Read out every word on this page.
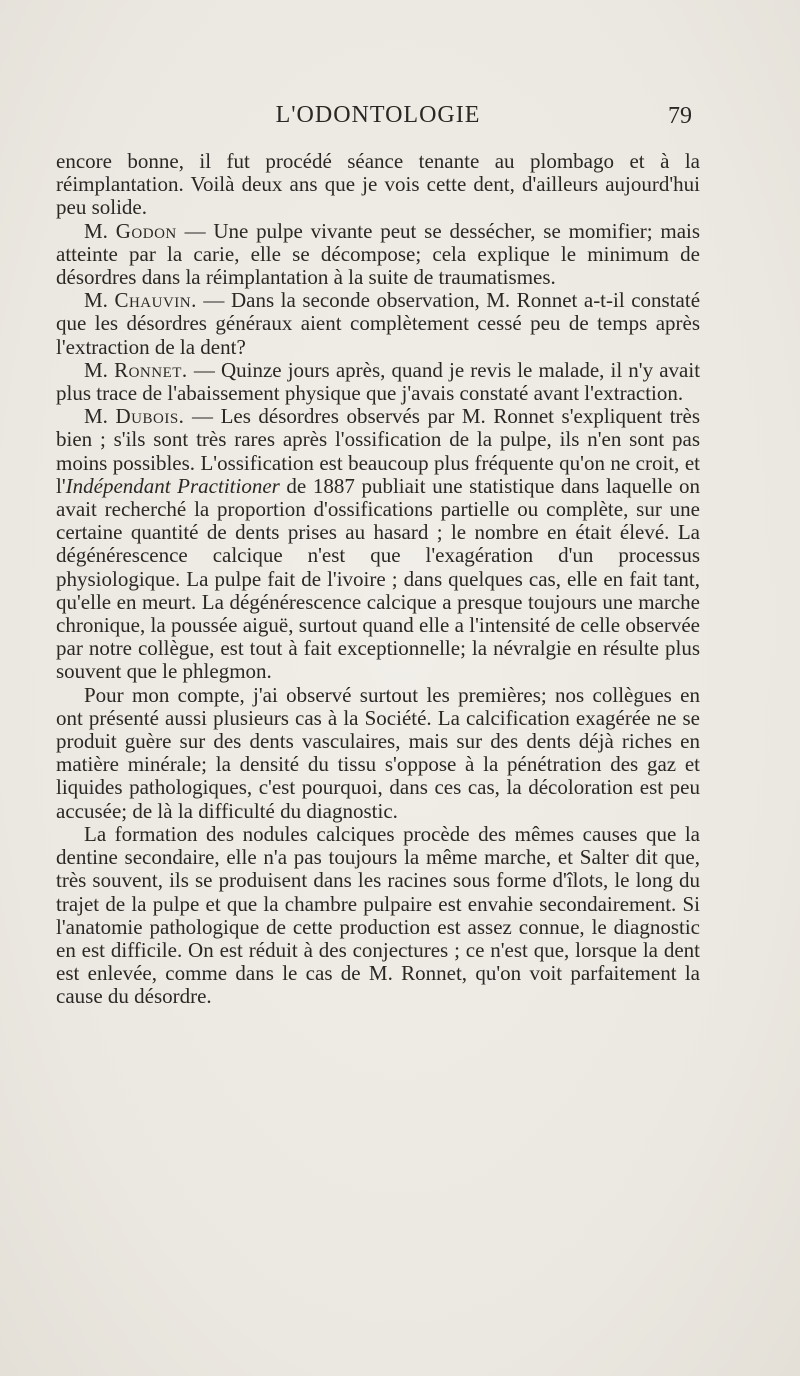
L'ODONTOLOGIE	79

encore bonne, il fut procédé séance tenante au plombago et à la réimplantation. Voilà deux ans que je vois cette dent, d'ailleurs aujourd'hui peu solide.

M. Godon — Une pulpe vivante peut se dessécher, se momifier; mais atteinte par la carie, elle se décompose; cela explique le minimum de désordres dans la réimplantation à la suite de traumatismes.

M. Chauvin. — Dans la seconde observation, M. Ronnet a-t-il constaté que les désordres généraux aient complètement cessé peu de temps après l'extraction de la dent?

M. Ronnet. — Quinze jours après, quand je revis le malade, il n'y avait plus trace de l'abaissement physique que j'avais constaté avant l'extraction.

M. Dubois. — Les désordres observés par M. Ronnet s'expliquent très bien ; s'ils sont très rares après l'ossification de la pulpe, ils n'en sont pas moins possibles. L'ossification est beaucoup plus fréquente qu'on ne croit, et l'Indépendant Practitioner de 1887 publiait une statistique dans laquelle on avait recherché la proportion d'ossifications partielle ou complète, sur une certaine quantité de dents prises au hasard ; le nombre en était élevé. La dégénérescence calcique n'est que l'exagération d'un processus physiologique. La pulpe fait de l'ivoire ; dans quelques cas, elle en fait tant, qu'elle en meurt. La dégénérescence calcique a presque toujours une marche chronique, la poussée aiguë, surtout quand elle a l'intensité de celle observée par notre collègue, est tout à fait exceptionnelle; la névralgie en résulte plus souvent que le phlegmon.

Pour mon compte, j'ai observé surtout les premières; nos collègues en ont présenté aussi plusieurs cas à la Société. La calcification exagérée ne se produit guère sur des dents vasculaires, mais sur des dents déjà riches en matière minérale; la densité du tissu s'oppose à la pénétration des gaz et liquides pathologiques, c'est pourquoi, dans ces cas, la décoloration est peu accusée; de là la difficulté du diagnostic.

La formation des nodules calciques procède des mêmes causes que la dentine secondaire, elle n'a pas toujours la même marche, et Salter dit que, très souvent, ils se produisent dans les racines sous forme d'îlots, le long du trajet de la pulpe et que la chambre pulpaire est envahie secondairement. Si l'anatomie pathologique de cette production est assez connue, le diagnostic en est difficile. On est réduit à des conjectures ; ce n'est que, lorsque la dent est enlevée, comme dans le cas de M. Ronnet, qu'on voit parfaitement la cause du désordre.
